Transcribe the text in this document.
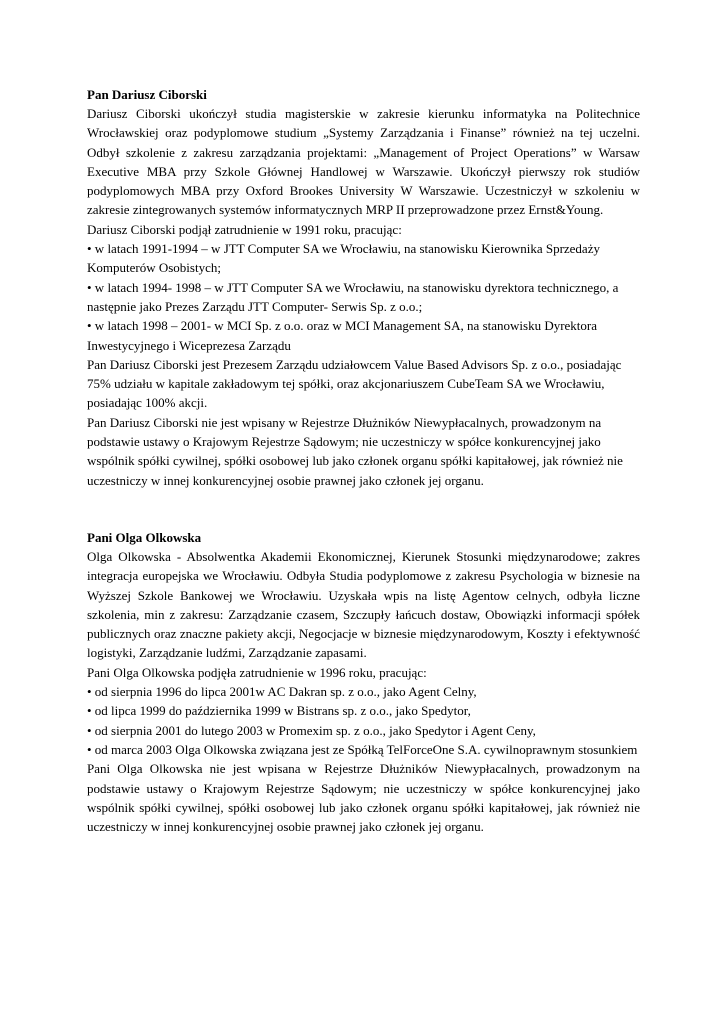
Pan Dariusz Ciborski

Dariusz Ciborski ukończył studia magisterskie w zakresie kierunku informatyka na Politechnice Wrocławskiej oraz podyplomowe studium „Systemy Zarządzania i Finanse” również na tej uczelni. Odbył szkolenie z zakresu zarządzania projektami: „Management of Project Operations” w Warsaw Executive MBA przy Szkole Głównej Handlowej w Warszawie. Ukończył pierwszy rok studiów podyplomowych MBA przy Oxford Brookes University W Warszawie. Uczestniczył w szkoleniu w zakresie zintegrowanych systemów informatycznych MRP II przeprowadzone przez Ernst&Young.

Dariusz Ciborski podjął zatrudnienie w 1991 roku, pracując:

• w latach 1991-1994 – w JTT Computer SA we Wrocławiu, na stanowisku Kierownika Sprzedaży Komputerów Osobistych;

• w latach 1994- 1998 – w JTT Computer SA we Wrocławiu, na stanowisku dyrektora technicznego, a następnie jako Prezes Zarządu JTT Computer- Serwis Sp. z o.o.;

• w latach 1998 – 2001- w MCI Sp. z o.o. oraz w MCI Management SA, na stanowisku Dyrektora Inwestycyjnego i Wiceprezesa Zarządu

Pan Dariusz Ciborski jest Prezesem Zarządu udziałowcem Value Based Advisors Sp. z o.o., posiadając 75% udziału w kapitale zakładowym tej spółki, oraz akcjonariuszem CubeTeam SA we Wrocławiu, posiadając 100% akcji.

Pan Dariusz Ciborski nie jest wpisany w Rejestrze Dłużników Niewypłacalnych, prowadzonym na podstawie ustawy o Krajowym Rejestrze Sądowym; nie uczestniczy w spółce konkurencyjnej jako wspólnik spółki cywilnej, spółki osobowej lub jako członek organu spółki kapitałowej, jak również nie uczestniczy w innej konkurencyjnej osobie prawnej jako członek jej organu.

Pani Olga Olkowska

Olga Olkowska - Absolwentka Akademii Ekonomicznej, Kierunek Stosunki międzynarodowe; zakres integracja europejska we Wrocławiu. Odbyła Studia podyplomowe z zakresu Psychologia w biznesie na Wyższej Szkole Bankowej we Wrocławiu. Uzyskała wpis na listę Agentow celnych, odbyła liczne szkolenia, min z zakresu: Zarządzanie czasem, Szczupły łańcuch dostaw, Obowiązki informacji spółek publicznych oraz znaczne pakiety akcji, Negocjacje w biznesie międzynarodowym, Koszty i efektywność logistyki, Zarządzanie ludźmi, Zarządzanie zapasami.

Pani Olga Olkowska podjęła zatrudnienie w 1996 roku, pracując:

• od sierpnia 1996 do lipca 2001w AC Dakran sp. z o.o., jako Agent Celny,

• od lipca 1999 do października 1999 w Bistrans sp. z o.o., jako Spedytor,

• od sierpnia 2001 do lutego 2003 w Promexim sp. z o.o., jako Spedytor i Agent Ceny,

• od marca 2003 Olga Olkowska związana jest ze Spółką TelForceOne S.A. cywilnoprawnym stosunkiem

Pani Olga Olkowska nie jest wpisana w Rejestrze Dłużników Niewypłacalnych, prowadzonym na podstawie ustawy o Krajowym Rejestrze Sądowym; nie uczestniczy w spółce konkurencyjnej jako wspólnik spółki cywilnej, spółki osobowej lub jako członek organu spółki kapitałowej, jak również nie uczestniczy w innej konkurencyjnej osobie prawnej jako członek jej organu.
